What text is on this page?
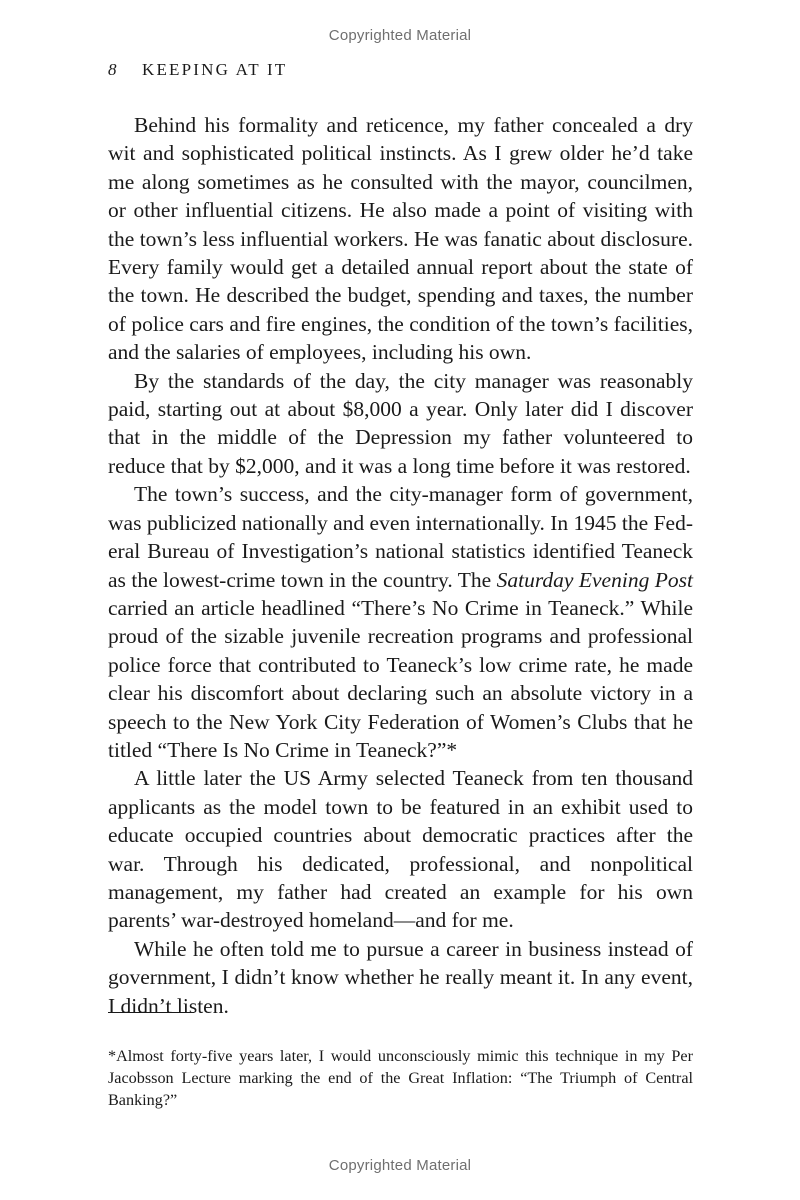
Copyrighted Material
8 KEEPING AT IT

Behind his formality and reticence, my father concealed a dry wit and sophisticated political instincts. As I grew older he’d take me along sometimes as he consulted with the mayor, councilmen, or other influential citizens. He also made a point of visiting with the town’s less influential workers. He was fanatic about disclosure. Every family would get a detailed annual report about the state of the town. He described the budget, spending and taxes, the number of police cars and fire engines, the condition of the town’s facilities, and the salaries of employees, including his own.

By the standards of the day, the city manager was reasonably paid, starting out at about $8,000 a year. Only later did I discover that in the middle of the Depression my father volunteered to reduce that by $2,000, and it was a long time before it was restored.

The town’s success, and the city-manager form of government, was publicized nationally and even internationally. In 1945 the Federal Bureau of Investigation’s national statistics identified Teaneck as the lowest-crime town in the country. The Saturday Evening Post carried an article headlined “There’s No Crime in Teaneck.” While proud of the sizable juvenile recreation programs and professional police force that contributed to Teaneck’s low crime rate, he made clear his discomfort about declaring such an absolute victory in a speech to the New York City Federation of Women’s Clubs that he titled “There Is No Crime in Teaneck?”*

A little later the US Army selected Teaneck from ten thousand applicants as the model town to be featured in an exhibit used to educate occupied countries about democratic practices after the war. Through his dedicated, professional, and nonpolitical management, my father had created an example for his own parents’ war-destroyed homeland—and for me.

While he often told me to pursue a career in business instead of government, I didn’t know whether he really meant it. In any event, I didn’t listen.

*Almost forty-five years later, I would unconsciously mimic this technique in my Per Jacobsson Lecture marking the end of the Great Inflation: “The Triumph of Central Banking?”
Copyrighted Material
